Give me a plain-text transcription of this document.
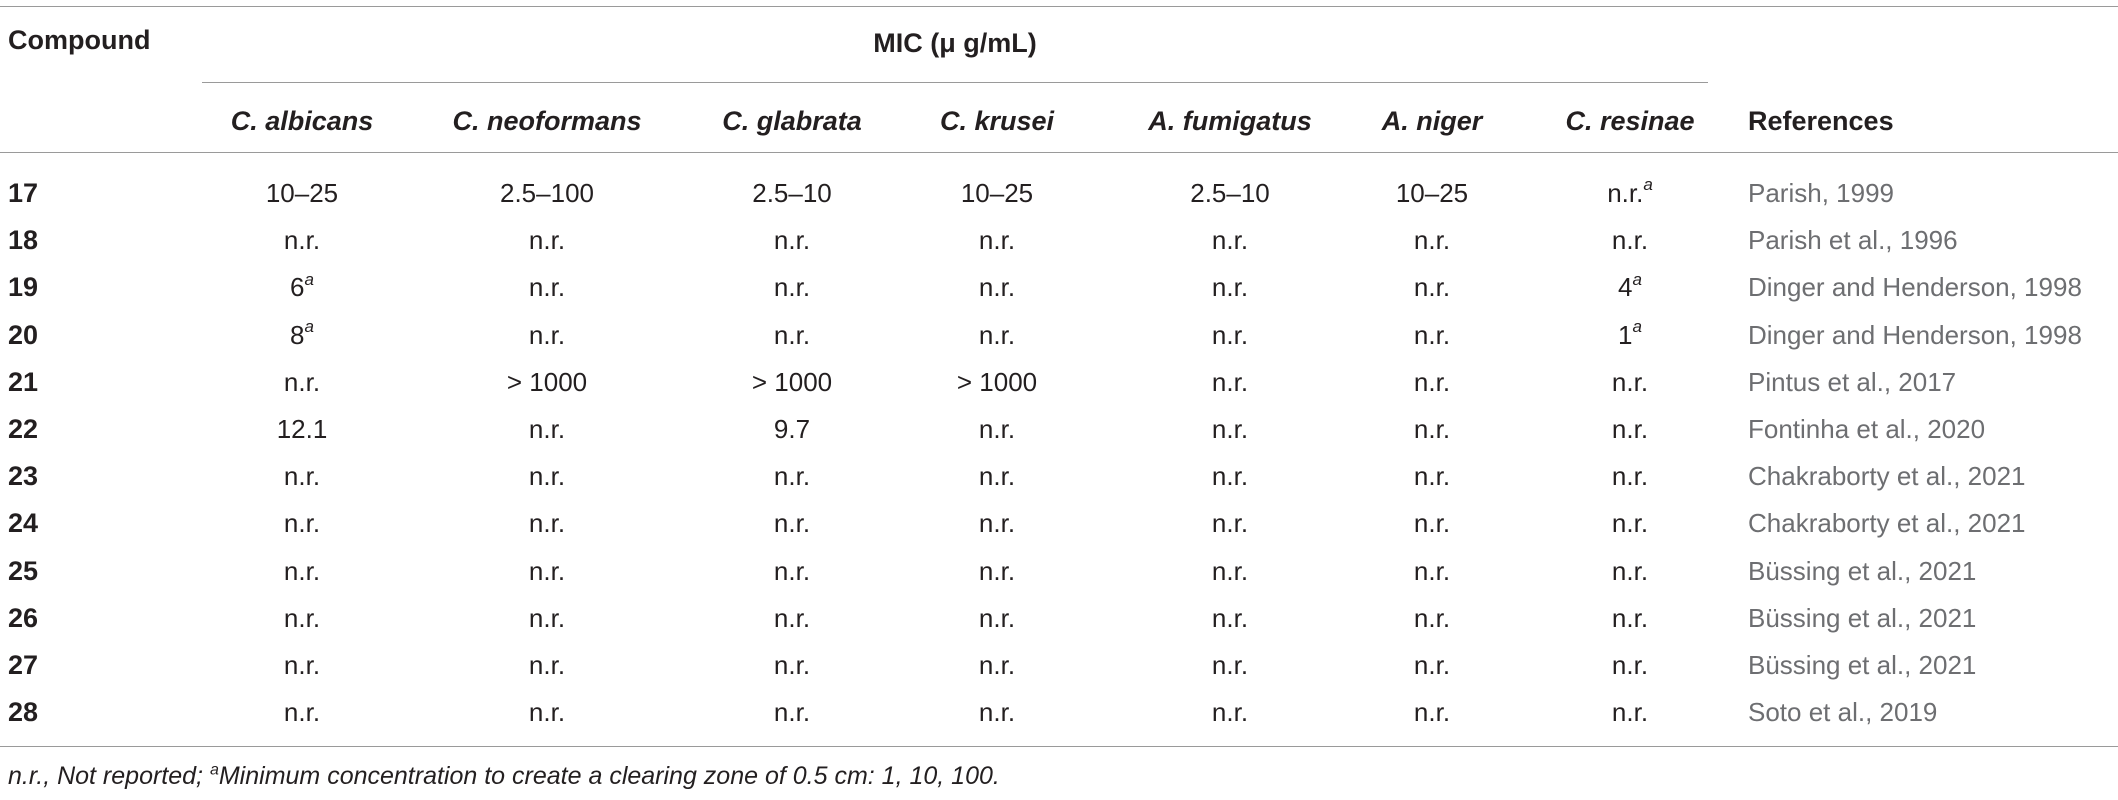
Compound	MIC (μ g/mL)
C. albicans	C. neoformans	C. glabrata	C. krusei	A. fumigatus	A. niger	C. resinae	References
17	10–25	2.5–100	2.5–10	10–25	2.5–10	10–25	n.r.$^a$	Parish, 1999
18	n.r.	n.r.	n.r.	n.r.	n.r.	n.r.	n.r.	Parish et al., 1996
19	6$^a$	n.r.	n.r.	n.r.	n.r.	n.r.	4$^a$	Dinger and Henderson, 1998
20	8$^a$	n.r.	n.r.	n.r.	n.r.	n.r.	1$^a$	Dinger and Henderson, 1998
21	n.r.	> 1000	> 1000	> 1000	n.r.	n.r.	n.r.	Pintus et al., 2017
22	12.1	n.r.	9.7	n.r.	n.r.	n.r.	n.r.	Fontinha et al., 2020
23	n.r.	n.r.	n.r.	n.r.	n.r.	n.r.	n.r.	Chakraborty et al., 2021
24	n.r.	n.r.	n.r.	n.r.	n.r.	n.r.	n.r.	Chakraborty et al., 2021
25	n.r.	n.r.	n.r.	n.r.	n.r.	n.r.	n.r.	Büssing et al., 2021
26	n.r.	n.r.	n.r.	n.r.	n.r.	n.r.	n.r.	Büssing et al., 2021
27	n.r.	n.r.	n.r.	n.r.	n.r.	n.r.	n.r.	Büssing et al., 2021
28	n.r.	n.r.	n.r.	n.r.	n.r.	n.r.	n.r.	Soto et al., 2019
n.r., Not reported; $^a$Minimum concentration to create a clearing zone of 0.5 cm: 1, 10, 100.
